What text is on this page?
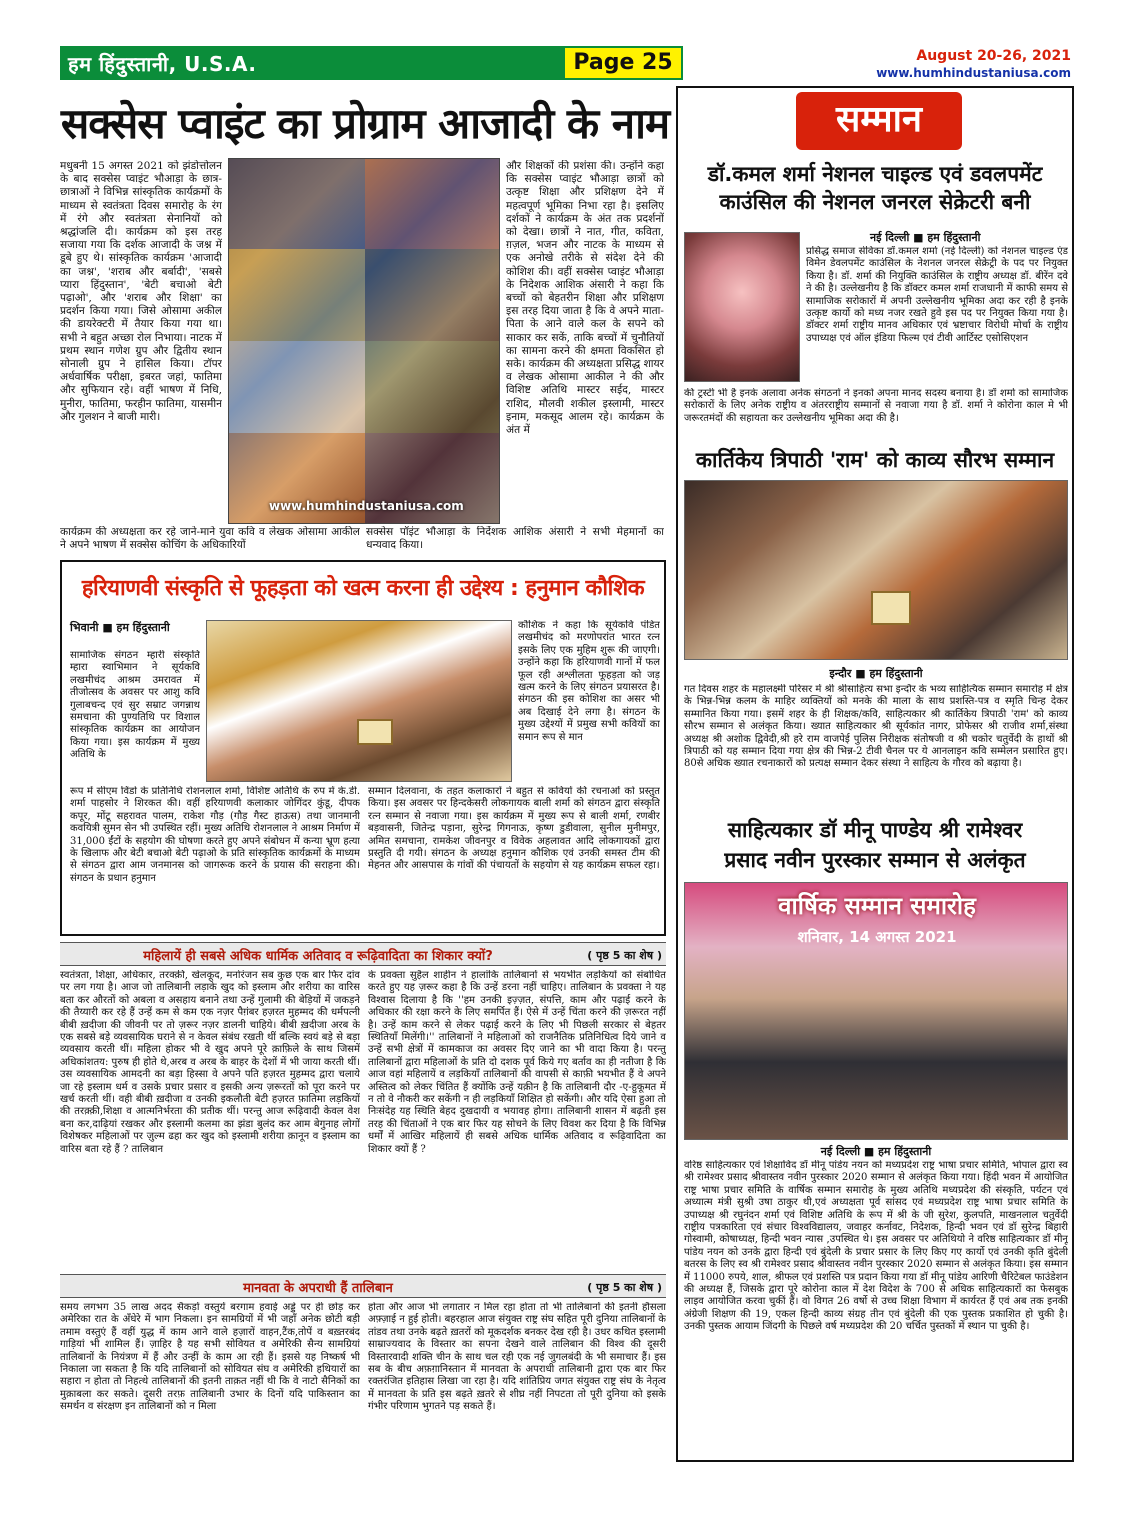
हम हिंदुस्तानी, U.S.A.	Page 25	August 20-26, 2021
www.humhindustaniusa.com
सक्सेस प्वाइंट का प्रोग्राम आजादी के नाम

मधुबनी 15 अगस्त 2021 को झंडोत्तोलन के बाद सक्सेस प्वाइंट भौआड़ा के छात्र-छात्राओं ने विभिन्न सांस्कृतिक कार्यक्रमों के माध्यम से स्वतंत्रता दिवस समारोह के रंग में रंगे और स्वतंत्रता सेनानियों को श्रद्धांजलि दी। कार्यक्रम को इस तरह सजाया गया कि दर्शक आजादी के जश्न में डूबे हुए थे। सांस्कृतिक कार्यक्रम 'आजादी का जश्न', 'शराब और बर्बादी', 'सबसे प्यारा हिंदुस्तान', 'बेटी बचाओ बेटी पढ़ाओ', और 'शराब और शिक्षा' का प्रदर्शन किया गया। जिसे ओसामा अकील की डायरेक्टरी में तैयार किया गया था। सभी ने बहुत अच्छा रोल निभाया। नाटक में प्रथम स्थान गणेश ग्रुप और द्वितीय स्थान सोनाली ग्रुप ने हासिल किया। टॉपर अर्धवार्षिक परीक्षा, इबरत जहां, फातिमा और सुफियान रहे। वहीं भाषण में निधि, मुनीरा, फातिमा, फरहीन फातिमा, यासमीन और गुलशन ने बाजी मारी।

www.humhindustaniusa.com

और शिक्षकों की प्रशंसा की। उन्होंने कहा कि सक्सेस प्वाइंट भौआड़ा छात्रों को उत्कृष्ट शिक्षा और प्रशिक्षण देने में महत्वपूर्ण भूमिका निभा रहा है। इसलिए दर्शकों ने कार्यक्रम के अंत तक प्रदर्शनों को देखा। छात्रों ने नात, गीत, कविता, ग़ज़ल, भजन और नाटक के माध्यम से एक अनोखे तरीके से संदेश देने की कोशिश की। वहीं सक्सेस प्वाइंट भौआड़ा के निदेशक आशिक अंसारी ने कहा कि बच्चों को बेहतरीन शिक्षा और प्रशिक्षण इस तरह दिया जाता है कि वे अपने माता-पिता के आने वाले कल के सपने को साकार कर सकें, ताकि बच्चों में चुनौतियों का सामना करने की क्षमता विकसित हो सके। कार्यक्रम की अध्यक्षता प्रसिद्ध शायर व लेखक ओसामा आकील ने की और विशिष्ट अतिथि मास्टर सईद, मास्टर राशिद, मौलवी शकील इस्लामी, मास्टर इनाम, मकसूद आलम रहे। कार्यक्रम के अंत में

कार्यक्रम की अध्यक्षता कर रहे जाने-माने युवा कवि व लेखक ओसामा आकील ने अपने भाषण में सक्सेस कोचिंग के अधिकारियों

सक्सेस पॉइंट भौआड़ा के निर्देशक आशिक अंसारी ने सभी मेहमानों का धन्यवाद किया।

हरियाणवी संस्कृति से फूहड़ता को खत्म करना ही उद्देश्य : हनुमान कौशिक
भिवानी ■ हम हिंदुस्तानी

सामाजिक संगठन म्हारी संस्कृति म्हारा स्वाभिमान ने सूर्यकवि लखमीचंद आश्रम उमरावत में तीजोत्सव के अवसर पर आशु कवि गुलाबचन्द एवं सुर सम्राट जगन्नाथ समचाना की पुण्यतिथि पर विशाल सांस्कृतिक कार्यक्रम का आयोजन किया गया। इस कार्यक्रम में मुख्य अतिथि के

कौशिक ने कहा कि सूर्यकवि पंडित लखमीचंद को मरणोपरांत भारत रत्न इसके लिए एक मुहिम शुरू की जाएगी। उन्होंने कहा कि हरियाणवी गानों में फल फूल रही अश्लीलता फूहड़ता को जड़ खत्म करने के लिए संगठन प्रयासरत है। संगठन की इस कोशिश का असर भी अब दिखाई देने लगा है। संगठन के मुख्य उद्देश्यों में प्रमुख सभी कवियों का समान रूप से मान

रूप में सीएम विंडो के प्रतिनिधि रोशनलाल शर्मा, विशिष्ट अतिथि के रुप में के.डी. शर्मा पाहसोर ने शिरकत की। वहीं हरियाणवी कलाकार जोगिंदर कुंडू, दीपक कपूर, मोंटू सहरावत पालम, राकेश गौड़ (गौड़ गैस्ट हाऊस) तथा जानमानी कवयित्री सुमन सेन भी उपस्थित रहीं। मुख्य अतिथि रोशनलाल ने आश्रम निर्माण में 31,000 ईंटों के सहयोग की घोषणा करते हुए अपने संबोधन में कन्या भ्रूण हत्या के खिलाफ और बेटी बचाओ बेटी पढ़ाओ के प्रति सांस्कृतिक कार्यक्रमों के माध्यम से संगठन द्वारा आम जनमानस को जागरूक करने के प्रयास की सराहना की। संगठन के प्रधान हनुमान

सम्मान दिलवाना, के तहत कलाकारों ने बहुत से कवियों की रचनाओं को प्रस्तुत किया। इस अवसर पर हिन्दकेसरी लोकगायक बाली शर्मा को संगठन द्वारा संस्कृति रत्न सम्मान से नवाजा गया। इस कार्यक्रम में मुख्य रूप से बाली शर्मा, रणबीर बड़वासनी, जितेन्द्र पड़ाना, सुरेन्द्र गिगनाऊ, कृष्ण डुडीवाला, सुनील मुनीमपुर, अमित समचाना, रामकेश जीवनपुर व विवेक अहलावत आदि लोकगायकों द्वारा प्रस्तुति दी गयी। संगठन के अध्यक्ष हनुमान कौशिक एवं उनकी समस्त टीम की मेहनत और आसपास के गांवों की पंचायतों के सहयोग से यह कार्यक्रम सफल रहा।

महिलायें ही सबसे अधिक धार्मिक अतिवाद व रूढ़िवादिता का शिकार क्यों?	( पृष्ठ 5 का शेष )

स्वतंत्रता, शिक्षा, अधिकार, तरक्क़ी, खेलकूद, मनोरंजन सब कुछ एक बार फिर दांव पर लग गया है। आज जो तालिबानी लड़ाके खुद को इस्लाम और शरीया का वारिस बता कर औरतों को अबला व असहाय बनाने तथा उन्हें गुलामी की बेड़ियों में जकड़ने की तैय्यारी कर रहे हैं उन्हें कम से कम एक नज़र पैग़ंबर हज़रत मुहम्मद की धर्मपत्नी बीबी ख़दीजा की जीवनी पर तो ज़रूर नज़र डालनी चाहिये। बीबी ख़दीजा अरब के एक सबसे बड़े व्यवसायिक घराने से न केवल संबंध रखती थीं बल्कि स्वयं बड़े से बड़ा व्यवसाय करती थीं। महिला होकर भी वे खुद अपने पूरे क़ाफ़िले के साथ जिसमें अधिकांशतय: पुरुष ही होते थे,अरब व अरब के बाहर के देशों में भी जाया करती थीं। उस व्यवसायिक आमदनी का बड़ा हिस्सा वे अपने पति हज़रत मुहम्मद द्वारा चलाये जा रहे इस्लाम धर्म व उसके प्रचार प्रसार व इसकी अन्य ज़रूरतों को पूरा करने पर खर्च करती थीं। वही बीबी ख़दीजा व उनकी इकलौती बेटी हज़रत फ़ातिमा लड़कियों की तरक़्क़ी,शिक्षा व आत्मनिर्भरता की प्रतीक थीं। परन्तु आज रूढ़िवादी केवल वेश बना कर,दाढ़ियां रखकर और इस्लामी कलमा का झंडा बुलंद कर आम बेगुनाह लोगों विशेषकर महिलाओं पर ज़ुल्म ढहा कर खुद को इस्लामी शरीया क़ानून व इस्लाम का वारिस बता रहे हैं ? तालिबान

के प्रवक्ता सुहैल शाहीन ने हालांकि तालिबानों से भयभीत लड़कियों को संबोधित करते हुए यह ज़रूर कहा है कि उन्हें डरना नहीं चाहिए। तालिबान के प्रवक्ता ने यह विश्वास दिलाया है कि ''हम उनकी इज़्ज़त, संपत्ति, काम और पढ़ाई करने के अधिकार की रक्षा करने के लिए समर्पित हैं। ऐसे में उन्हें चिंता करने की ज़रूरत नहीं है। उन्हें काम करने से लेकर पढ़ाई करने के लिए भी पिछली सरकार से बेहतर स्थितियाँ मिलेंगी।'' तालिबानों ने महिलाओं को राजनैतिक प्रतिनिधित्व दिये जाने व उन्हें सभी क्षेत्रों में कामकाज का अवसर दिए जाने का भी वादा किया है। परन्तु तालिबानों द्वारा महिलाओं के प्रति दो दशक पूर्व किये गए बर्ताव का ही नतीजा है कि आज वहां महिलायें व लड़कियाँ तालिबानों की वापसी से काफ़ी भयभीत हैं वे अपने अस्तित्व को लेकर चिंतित हैं क्योंकि उन्हें यक़ीन है कि तालिबानी दौर -ए-हुकूमत में न तो वे नौकरी कर सकेंगी न ही लड़कियाँ शिक्षित हो सकेंगी। और यदि ऐसा हुआ तो निःसंदेह यह स्थिति बेहद दुखदायी व भयावह होगा। तालिबानी शासन में बढ़ती इस तरह की चिंताओं ने एक बार फिर यह सोचने के लिए विवश कर दिया है कि विभिन्न धर्मों में आखिर महिलायें ही सबसे अधिक धार्मिक अतिवाद व रूढ़िवादिता का शिकार क्यों हैं ?

मानवता के अपराधी हैं तालिबान	( पृष्ठ 5 का शेष )

समय लगभग 35 लाख अदद सैकड़ों वस्तुयें बरगाम हवाई अड्डे पर ही छोड़ कर अमेरिका रात के अँधेरे में भाग निकला। इन सामग्रियों में भी जहाँ अनेक छोटी बड़ी तमाम वस्तुएं हैं वहीं युद्ध में काम आने वाले हज़ारों वाहन,टैंक,तोपें व बख़्तरबंद गाड़ियां भी शामिल हैं। ज़ाहिर है यह सभी सोवियत व अमेरिकी सैन्य सामग्रियां तालिबानों के नियंत्रण में हैं और उन्हीं के काम आ रही हैं। इससे यह निष्कर्ष भी निकाला जा सकता है कि यदि तालिबानों को सोवियत संघ व अमेरिकी हथियारों का सहारा न होता तो निहत्थे तालिबानों की इतनी ताक़त नहीं थी कि वे नाटो सैनिकों का मुक़ाबला कर सकते। दूसरी तरफ़ तालिबानी उभार के दिनों यदि पाकिस्तान का समर्थन व संरक्षण इन तालिबानों को न मिला

होता और आज भी लगातार न मिल रहा होता तो भी तालिबानों की इतनी हौसला अफ़्ज़ाई न हुई होती। बहरहाल आज संयुक्त राष्ट्र संघ सहित पूरी दुनिया तालिबानों के तांडव तथा उनके बढ़ते ख़तरों को मूकदर्शक बनकर देख रही है। उधर कथित इस्लामी साम्राज्यवाद के विस्तार का सपना देखने वाले तालिबान की विश्व की दूसरी विस्तारवादी शक्ति चीन के साथ चल रही एक नई जुगलबंदी के भी समाचार हैं। इस सब के बीच अफ़ग़ानिस्तान में मानवता के अपराधी तालिबानी द्वारा एक बार फिर रक्तरंजित इतिहास लिखा जा रहा है। यदि शांतिप्रिय जगत संयुक्त राष्ट्र संघ के नेतृत्व में मानवता के प्रति इस बढ़ते ख़तरे से शीघ्र नहीं निपटता तो पूरी दुनिया को इसके गंभीर परिणाम भुगतने पड़ सकते हैं।

सम्मान
डॉ.कमल शर्मा नेशनल चाइल्ड एवं डवलपमेंट काउंसिल की नेशनल जनरल सेक्रेटरी बनी
नई दिल्ली ■ हम हिंदुस्तानी

प्रसिद्ध समाज सेविका डॉ.कमल शर्मा (नई दिल्ली) को नेशनल चाइल्ड एंड विमेन डेवलपमेंट काउंसिल के नेशनल जनरल सेक्रेट्री के पद पर नियुक्त किया है। डॉ. शर्मा की नियुक्ति काउंसिल के राष्ट्रीय अध्यक्ष डॉ. बीरेंन दवे ने की है। उल्लेखनीय है कि डॉक्टर कमल शर्मा राजधानी में काफी समय से सामाजिक सरोकारों में अपनी उल्लेखनीय भूमिका अदा कर रही है इनके उत्कृष्ट कार्यो को मध्य नजर रखते हुवे इस पद पर नियुक्त किया गया है। डॉक्टर शर्मा राष्ट्रीय मानव अधिकार एवं भ्रष्टाचार विरोधी मोर्चा के राष्ट्रीय उपाध्यक्ष एवं ऑल इंडिया फिल्म एवं टीवी आर्टिस्ट एसोसिएशन

की ट्रस्टी भी है इनके अलावा अनेक संगठनों ने इनको अपना मानद सदस्य बनाया है। डॉ शर्मा को सामाजिक सरोकारों के लिए अनेक राष्ट्रीय व अंतरराष्ट्रीय सम्मानों से नवाजा गया है डॉ. शर्मा ने कोरोना काल मे भी जरूरतमंदों की सहायता कर उल्लेखनीय भूमिका अदा की है।

कार्तिकेय त्रिपाठी 'राम' को काव्य सौरभ सम्मान
इन्दौर ■ हम हिंदुस्तानी

गत दिवस शहर के महालक्ष्मी परिसर में श्री श्रीसाहित्य सभा इन्दौर के भव्य साहित्यिक सम्मान समारोह में क्षेत्र के भिन्न-भिन्न कलम के माहिर व्यक्तियों को मनके की माला के साथ प्रशस्ति-पत्र व स्मृति चिन्ह देकर सम्मानित किया गया। इसमें शहर के ही शिक्षक/कवि, साहित्यकार श्री कार्तिकेय त्रिपाठी 'राम' को काव्य सौरभ सम्मान से अलंकृत किया। ख्यात साहित्यकार श्री सूर्यकांत नागर, प्रोफेसर श्री राजीव शर्मा,संस्था अध्यक्ष श्री अशोक द्विवेदी,श्री हरे राम वाजपेई पुलिस निरीक्षक संतोषजी व श्री चकोर चतुर्वेदी के हाथों श्री त्रिपाठी को यह सम्मान दिया गया क्षेत्र की भिन्न-2 टीवी चैनल पर ये आनलाइन कवि सम्मेलन प्रसारित हुए। 80से अधिक ख्यात रचनाकारों को प्रत्यक्ष सम्मान देकर संस्था ने साहित्य के गौरव को बढ़ाया है।

साहित्यकार डॉ मीनू पाण्डेय श्री रामेश्वर
प्रसाद नवीन पुरस्कार सम्मान से अलंकृत
वार्षिक सम्मान समारोह
शनिवार, 14 अगस्त 2021
नई दिल्ली ■ हम हिंदुस्तानी

वरिष्ठ साहित्यकार एवं शिक्षाविद डॉ मीनू पांडेय नयन को मध्यप्रदेश राष्ट्र भाषा प्रचार समिति, भोपाल द्वारा स्व श्री रामेश्वर प्रसाद श्रीवास्तव नवीन पुरस्कार 2020 सम्मान से अलंकृत किया गया। हिंदी भवन में आयोजित राष्ट्र भाषा प्रचार समिति के वार्षिक सम्मान समारोह के मुख्य अतिथि मध्यप्रदेश की संस्कृति, पर्यटन एवं अध्यात्म मंत्री सुश्री उषा ठाकुर थी,एवं अध्यक्षता पूर्व सांसद एवं मध्यप्रदेश राष्ट्र भाषा प्रचार समिति के उपाध्यक्ष श्री रघुनंदन शर्मा एवं विशिष्ट अतिथि के रूप में श्री के जी सुरेश, कुलपति, माखनलाल चतुर्वेदी राष्ट्रीय पत्रकारिता एवं संचार विश्वविद्यालय, जवाहर कर्नावट, निदेशक, हिन्दी भवन एवं डॉ सुरेन्द्र बिहारी गोस्वामी, कोषाध्यक्ष, हिन्दी भवन न्यास ,उपस्थित थे। इस अवसर पर अतिथियो ने वरिष्ठ साहित्यकार डॉ मीनू पांडेय नयन को उनके द्वारा हिन्दी एवं बुंदेली के प्रचार प्रसार के लिए किए गए कार्यो एवं उनकी कृति बुंदेली बतरस के लिए स्व श्री रामेश्वर प्रसाद श्रीवास्तव नवीन पुरस्कार 2020 सम्मान से अलंकृत किया। इस सम्मान में 11000 रुपये, शाल, श्रीफल एवं प्रशस्ति पत्र प्रदान किया गया डॉ मीनू पांडेय आरिणी चैरिटेबल फाउंडेशन की अध्यक्ष हैं, जिसके द्वारा पूरे कोरोना काल में देश विदेश के 700 से अधिक साहित्यकारों का फेसबुक लाइव आयोजित करवा चुकीं हैं। वो विगत 26 वर्षो से उच्च शिक्षा विभाग में कार्यरत हैं एवं अब तक इनकी अंग्रेजी शिक्षण की 19, एकल हिन्दी काव्य संग्रह तीन एवं बुंदेली की एक पुस्तक प्रकाशित हो चुकी है। उनकी पुस्तक आयाम जिंदगी के पिछले वर्ष मध्यप्रदेश की 20 चर्चित पुस्तकों में स्थान पा चुकी है।
